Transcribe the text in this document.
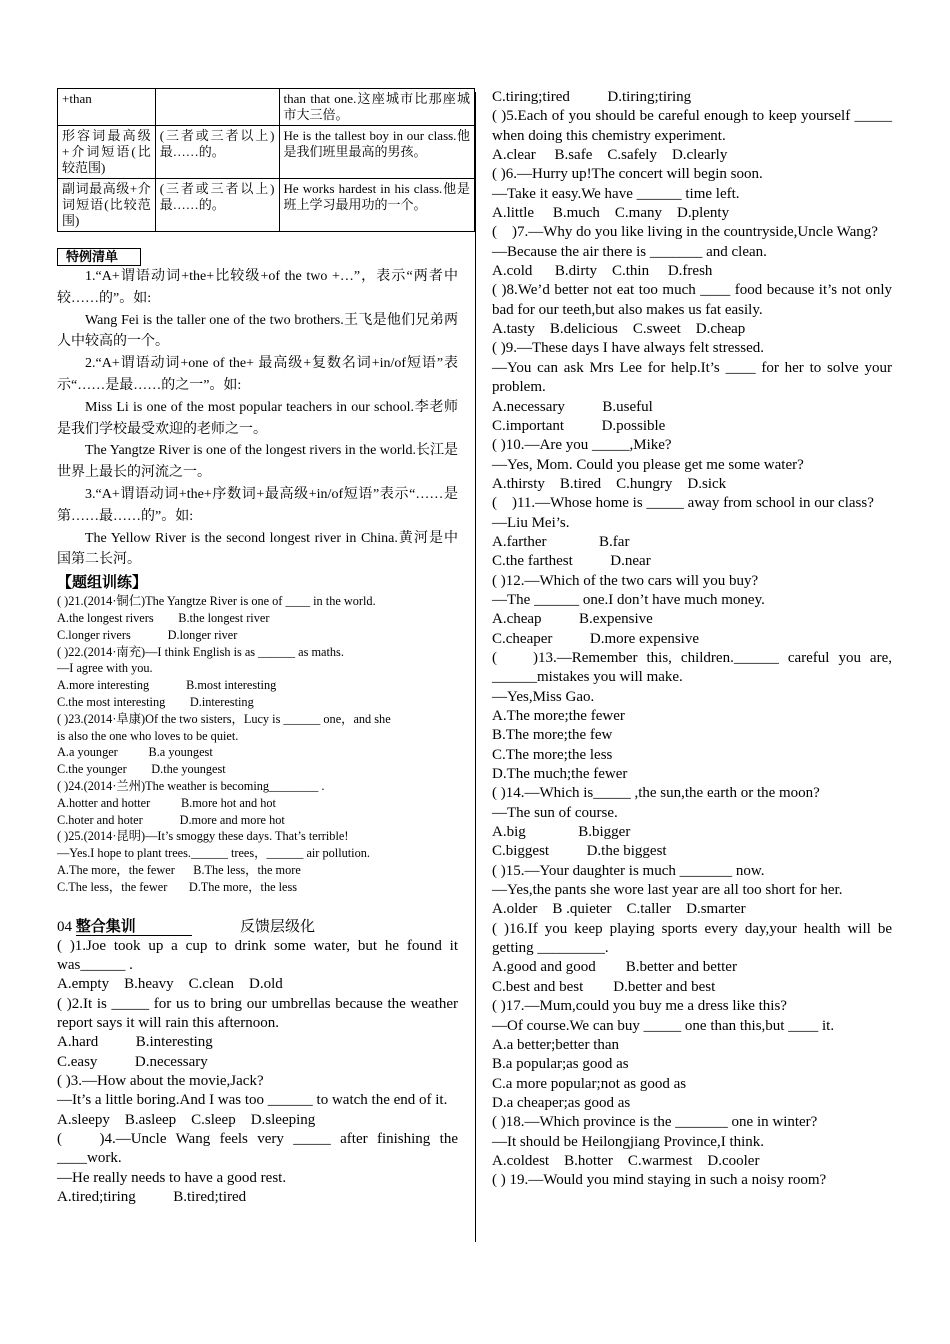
+than		than that one.这座城市比那座城市大三倍。
形容词最高级+介词短语(比较范围)	(三者或三者以上)最……的。	He is the tallest boy in our class.他是我们班里最高的男孩。
副词最高级+介词短语(比较范围)	(三者或三者以上)最……的。	He works hardest in his class.他是班上学习最用功的一个。
特例清单

1.“A+谓语动词+the+比较级+of the two +…”，表示“两者中较……的”。如:

Wang Fei is the taller one of the two brothers.王飞是他们兄弟两人中较高的一个。

2.“A+谓语动词+one of the+ 最高级+复数名词+in/of短语”表示“……是最……的之一”。如:

Miss Li is one of the most popular teachers in our school.李老师是我们学校最受欢迎的老师之一。

The Yangtze River is one of the longest rivers in the world.长江是世界上最长的河流之一。

3.“A+谓语动词+the+序数词+最高级+in/of短语”表示“……是第……最……的”。如:

The Yellow River is the second longest river in China.黄河是中国第二长河。

【题组训练】

( )21.(2014·铜仁)The Yangtze River is one of ____ in the world.

A.the longest rivers        B.the longest river

C.longer rivers            D.longer river

( )22.(2014·南充)—I think English is as ______ as maths.

—I agree with you.

A.more interesting            B.most interesting

C.the most interesting        D.interesting

( )23.(2014·阜康)Of the two sisters，Lucy is ______ one，and she

is also the one who loves to be quiet.

A.a younger          B.a youngest

C.the younger        D.the youngest

( )24.(2014·兰州)The weather is becoming________ .

A.hotter and hotter          B.more hot and hot

C.hoter and hoter            D.more and more hot

( )25.(2014·昆明)—It’s smoggy these days. That’s terrible!

—Yes.I hope to plant trees.______ trees，______ air pollution.

A.The more，the fewer      B.The less，the more

C.The less，the fewer       D.The more，the less

04 整合集训	反馈层级化

( )1.Joe took up a cup to drink some water, but he found it was______ .

A.empty    B.heavy    C.clean    D.old

( )2.It is _____ for us to bring our umbrellas because the weather report says it will rain this afternoon.

A.hard          B.interesting

C.easy          D.necessary

( )3.—How about the movie,Jack?

—It’s a little boring.And I was too ______ to watch the end of it.

A.sleepy    B.asleep    C.sleep    D.sleeping

(    )4.—Uncle Wang feels very _____ after finishing the ____work.

—He really needs to have a good rest.

A.tired;tiring          B.tired;tired

C.tiring;tired          D.tiring;tiring

( )5.Each of you should be careful enough to keep yourself _____ when doing this chemistry experiment.

A.clear     B.safe    C.safely    D.clearly

( )6.—Hurry up!The concert will begin soon.

—Take it easy.We have ______ time left.

A.little     B.much    C.many    D.plenty

(    )7.—Why do you like living in the countryside,Uncle Wang?

—Because the air there is _______ and clean.

A.cold      B.dirty    C.thin     D.fresh

( )8.We’d better not eat too much ____ food because it’s not only bad for our teeth,but also makes us fat easily.

A.tasty    B.delicious    C.sweet    D.cheap

( )9.—These days I have always felt stressed.

—You can ask Mrs Lee for help.It’s ____ for her to solve your problem.

A.necessary          B.useful

C.important          D.possible

( )10.—Are you _____,Mike?

—Yes, Mom. Could you please get me some water?

A.thirsty    B.tired    C.hungry    D.sick

(    )11.—Whose home is _____ away from school in our class?

—Liu Mei’s.

A.farther              B.far

C.the farthest          D.near

( )12.—Which of the two cars will you buy?

—The ______ one.I don’t have much money.

A.cheap          B.expensive

C.cheaper          D.more expensive

(    )13.—Remember this, children.______ careful you are, ______mistakes you will make.

—Yes,Miss Gao.

A.The more;the fewer

B.The more;the few

C.The more;the less

D.The much;the fewer

( )14.—Which is_____ ,the sun,the earth or the moon?

—The sun of course.

A.big              B.bigger

C.biggest          D.the biggest

( )15.—Your daughter is much _______ now.

—Yes,the pants she wore last year are all too short for her.

A.older    B .quieter    C.taller    D.smarter

( )16.If you keep playing sports every day,your health will be getting _________.

A.good and good        B.better and better

C.best and best        D.better and best

( )17.—Mum,could you buy me a dress like this?

—Of course.We can buy _____ one than this,but ____ it.

A.a better;better than

B.a popular;as good as

C.a more popular;not as good as

D.a cheaper;as good as

( )18.—Which province is the _______ one in winter?

—It should be Heilongjiang Province,I think.

A.coldest    B.hotter    C.warmest    D.cooler

( ) 19.—Would you mind staying in such a noisy room?
